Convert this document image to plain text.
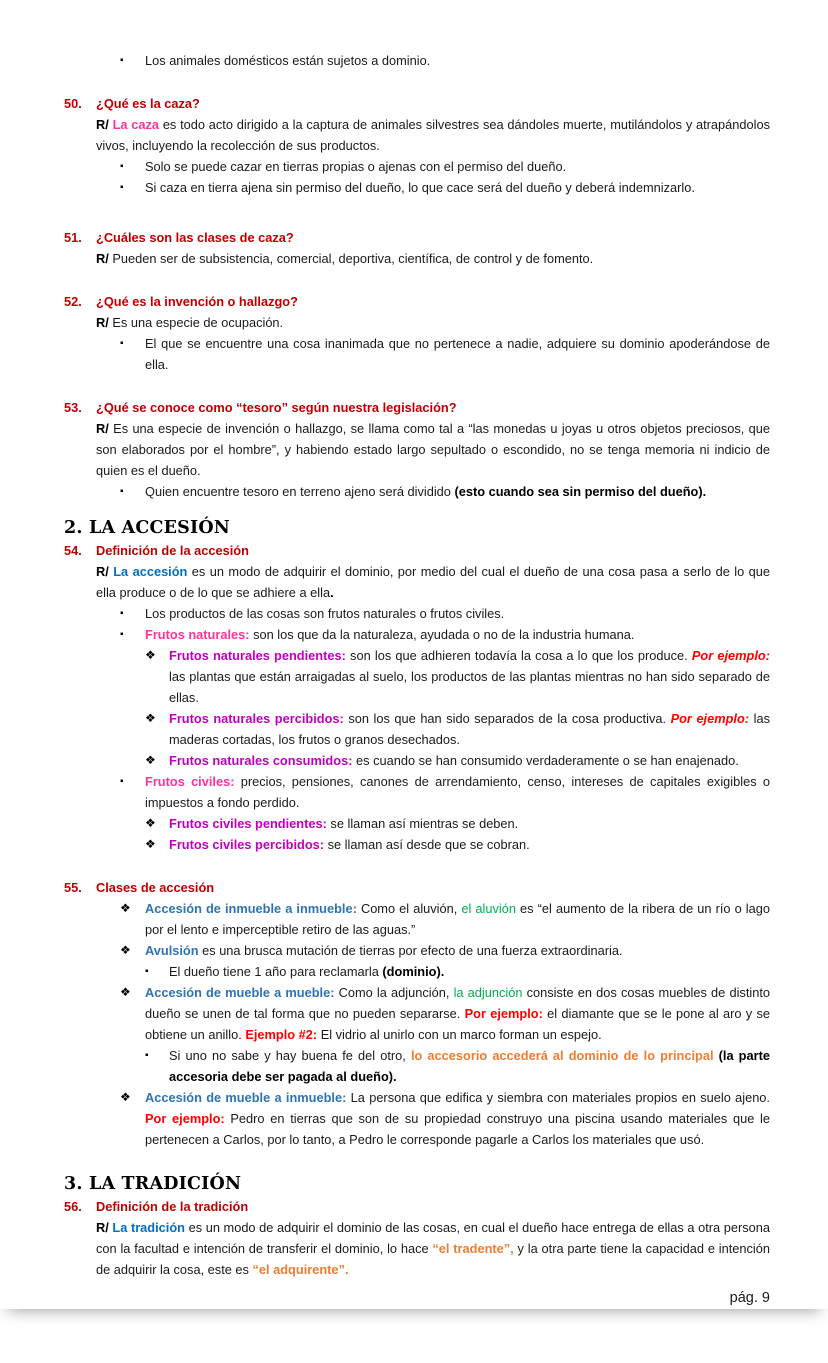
▪ Los animales domésticos están sujetos a dominio.
50. ¿Qué es la caza?
R/ La caza es todo acto dirigido a la captura de animales silvestres sea dándoles muerte, mutilándolos y atrapándolos vivos, incluyendo la recolección de sus productos.
▪ Solo se puede cazar en tierras propias o ajenas con el permiso del dueño.
▪ Si caza en tierra ajena sin permiso del dueño, lo que cace será del dueño y deberá indemnizarlo.
51. ¿Cuáles son las clases de caza?
R/ Pueden ser de subsistencia, comercial, deportiva, científica, de control y de fomento.
52. ¿Qué es la invención o hallazgo?
R/ Es una especie de ocupación.
▪ El que se encuentre una cosa inanimada que no pertenece a nadie, adquiere su dominio apoderándose de ella.
53. ¿Qué se conoce como “tesoro” según nuestra legislación?
R/ Es una especie de invención o hallazgo, se llama como tal a “las monedas u joyas u otros objetos preciosos, que son elaborados por el hombre”, y habiendo estado largo sepultado o escondido, no se tenga memoria ni indicio de quien es el dueño.
▪ Quien encuentre tesoro en terreno ajeno será dividido (esto cuando sea sin permiso del dueño).
2. LA ACCESIÓN
54. Definición de la accesión
R/ La accesión es un modo de adquirir el dominio, por medio del cual el dueño de una cosa pasa a serlo de lo que ella produce o de lo que se adhiere a ella.
▪ Los productos de las cosas son frutos naturales o frutos civiles.
▪ Frutos naturales: son los que da la naturaleza, ayudada o no de la industria humana.
❖ Frutos naturales pendientes: son los que adhieren todavía la cosa a lo que los produce. Por ejemplo: las plantas que están arraigadas al suelo, los productos de las plantas mientras no han sido separado de ellas.
❖ Frutos naturales percibidos: son los que han sido separados de la cosa productiva. Por ejemplo: las maderas cortadas, los frutos o granos desechados.
❖ Frutos naturales consumidos: es cuando se han consumido verdaderamente o se han enajenado.
▪ Frutos civiles: precios, pensiones, canones de arrendamiento, censo, intereses de capitales exigibles o impuestos a fondo perdido.
❖ Frutos civiles pendientes: se llaman así mientras se deben.
❖ Frutos civiles percibidos: se llaman así desde que se cobran.
55. Clases de accesión
❖ Accesión de inmueble a inmueble: Como el aluvión, el aluvión es “el aumento de la ribera de un río o lago por el lento e imperceptible retiro de las aguas.”
❖ Avulsión es una brusca mutación de tierras por efecto de una fuerza extraordinaria.
▪ El dueño tiene 1 año para reclamarla (dominio).
❖ Accesión de mueble a mueble: Como la adjunción, la adjunción consiste en dos cosas muebles de distinto dueño se unen de tal forma que no pueden separarse. Por ejemplo: el diamante que se le pone al aro y se obtiene un anillo. Ejemplo #2: El vidrio al unirlo con un marco forman un espejo.
▪ Si uno no sabe y hay buena fe del otro, lo accesorio accederá al dominio de lo principal (la parte accesoria debe ser pagada al dueño).
❖ Accesión de mueble a inmueble: La persona que edifica y siembra con materiales propios en suelo ajeno. Por ejemplo: Pedro en tierras que son de su propiedad construyo una piscina usando materiales que le pertenecen a Carlos, por lo tanto, a Pedro le corresponde pagarle a Carlos los materiales que usó.
3. LA TRADICIÓN
56. Definición de la tradición
R/ La tradición es un modo de adquirir el dominio de las cosas, en cual el dueño hace entrega de ellas a otra persona con la facultad e intención de transferir el dominio, lo hace “el tradente”, y la otra parte tiene la capacidad e intención de adquirir la cosa, este es “el adquirente”.
pág. 9
